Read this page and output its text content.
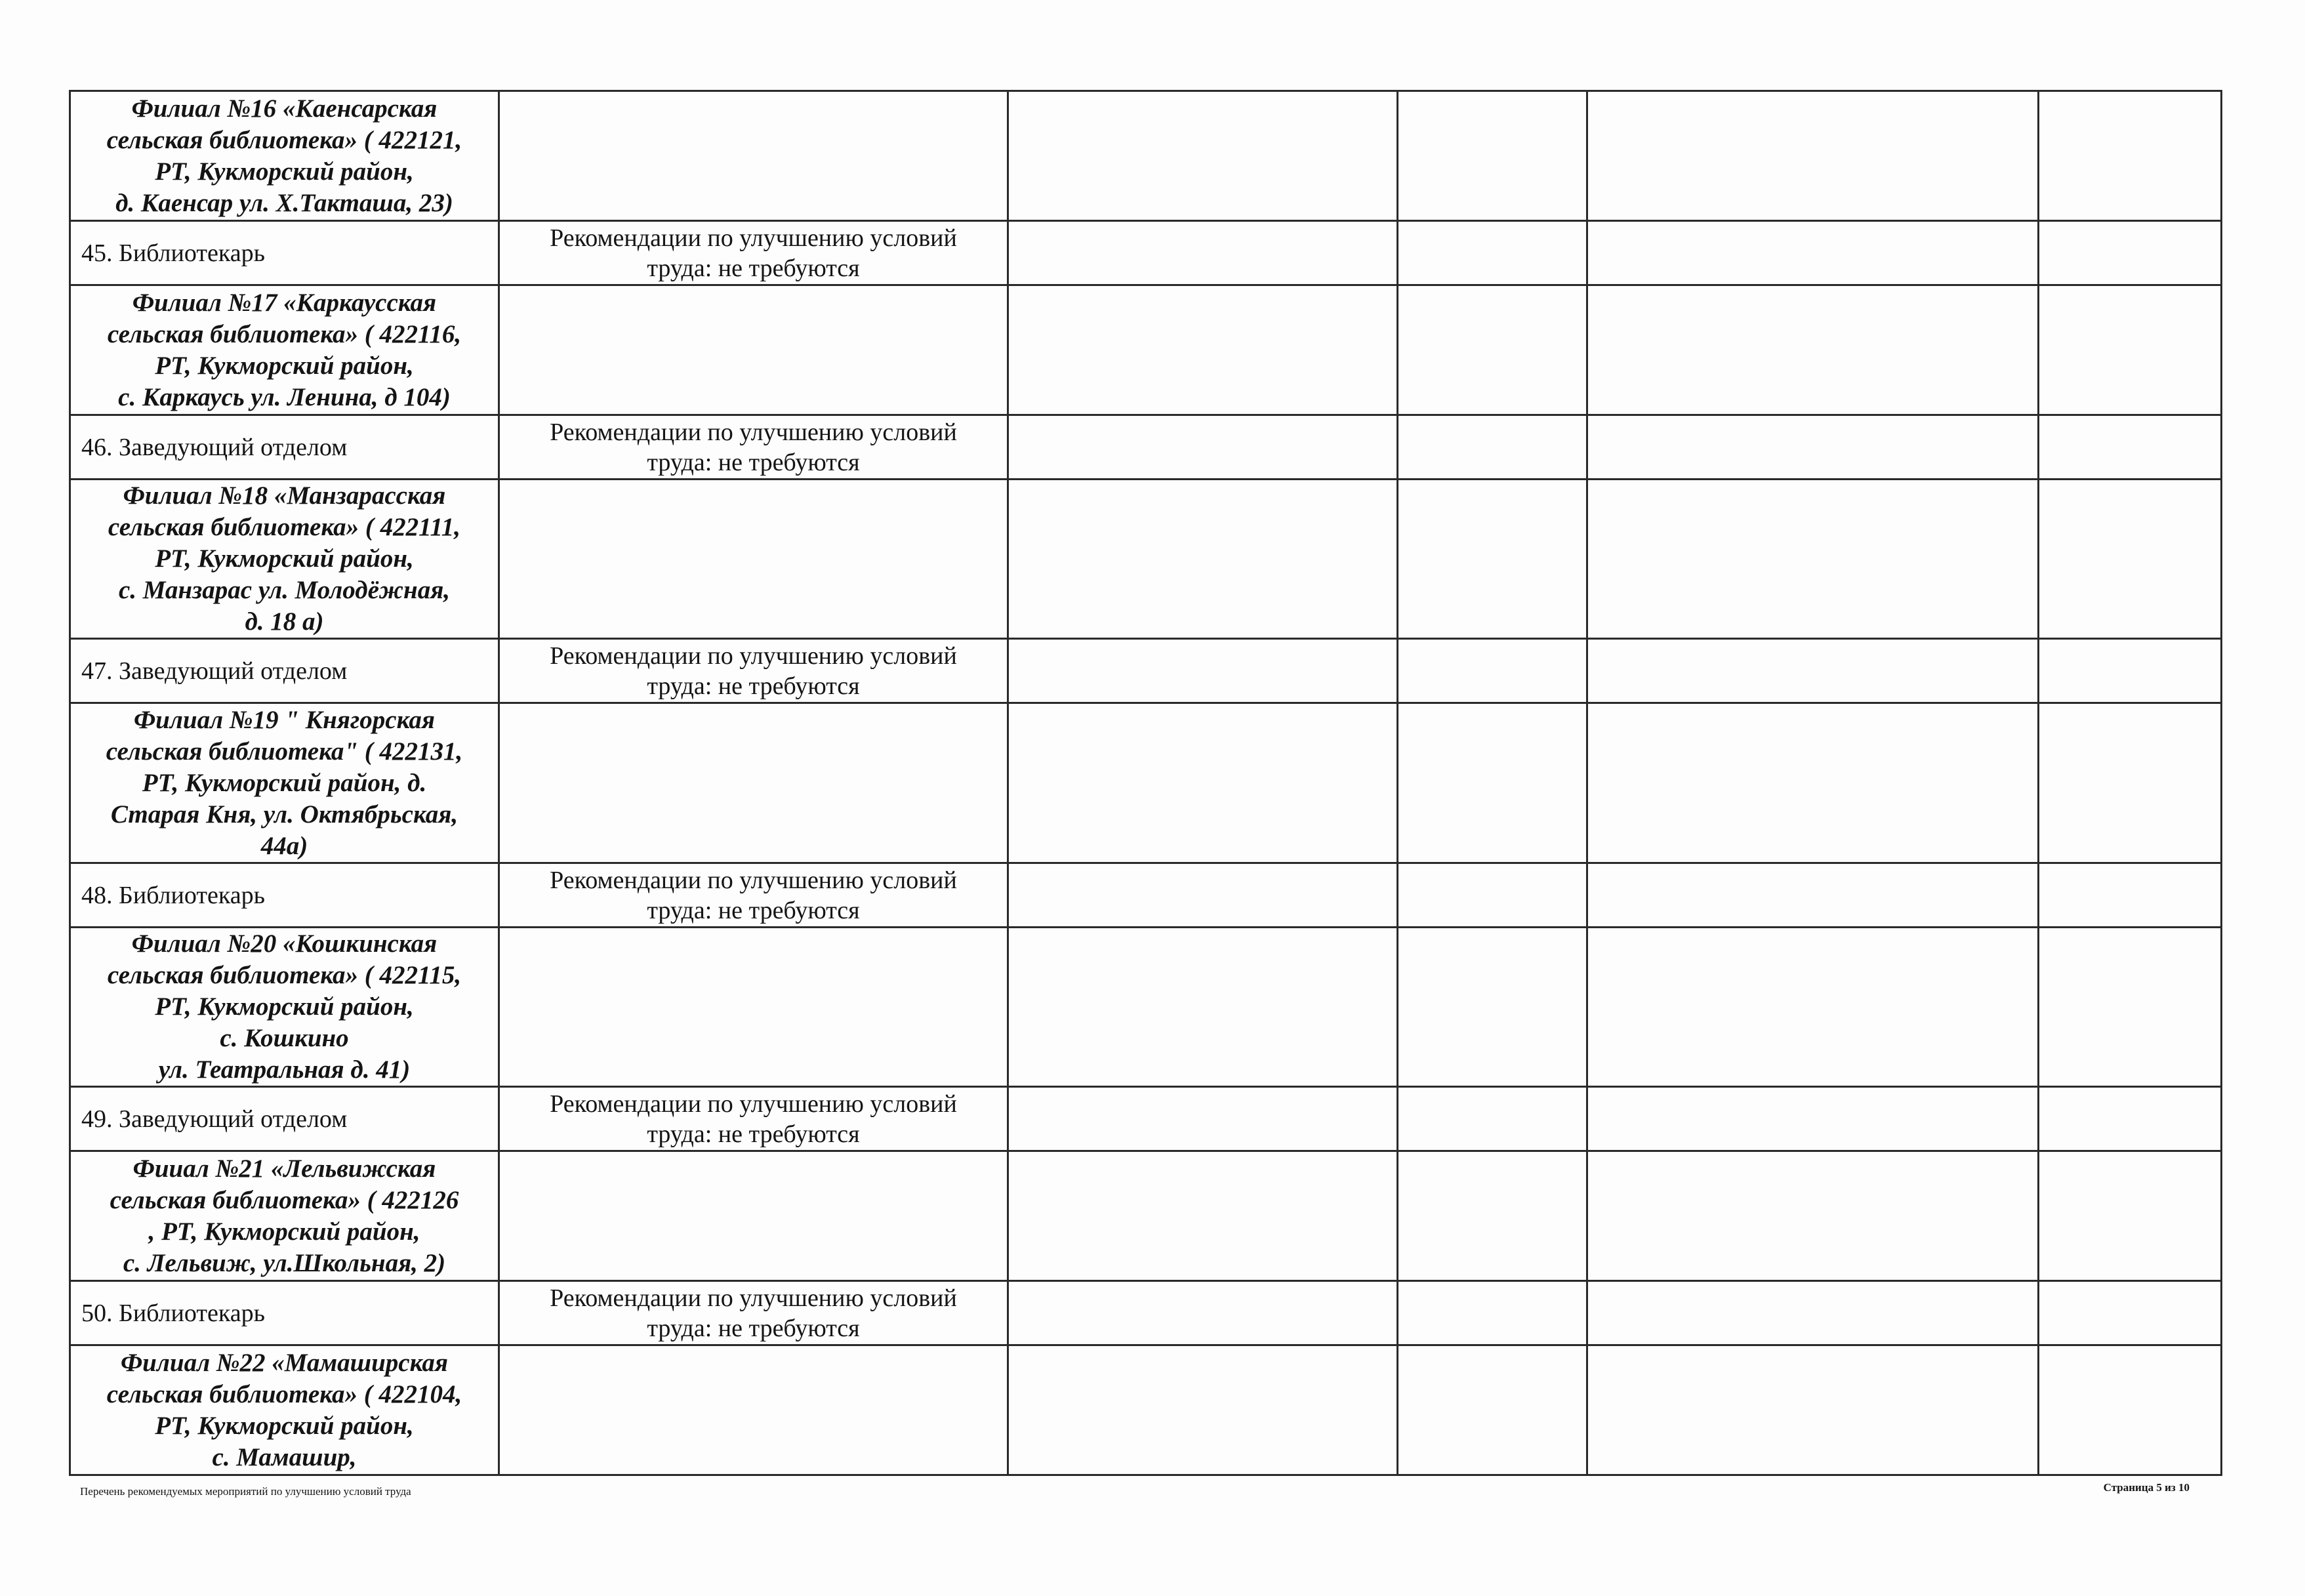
Филиал №16 «Каенсарская
сельская библиотека» ( 422121,
РТ, Кукморский район,
д. Каенсар ул. Х.Такташа, 23)					
45. Библиотекарь	Рекомендации по улучшению условий
труда: не требуются				
Филиал №17 «Каркаусская
сельская библиотека» ( 422116,
РТ, Кукморский район,
с. Каркаусь ул. Ленина, д 104)					
46. Заведующий отделом	Рекомендации по улучшению условий
труда: не требуются				
Филиал №18 «Манзарасская
сельская библиотека» ( 422111,
РТ, Кукморский район,
с. Манзарас ул. Молодёжная,
д. 18 а)					
47. Заведующий отделом	Рекомендации по улучшению условий
труда: не требуются				
Филиал №19 " Княгорская
сельская библиотека" ( 422131,
РТ, Кукморский район, д.
Старая Кня, ул. Октябрьская,
44а)					
48. Библиотекарь	Рекомендации по улучшению условий
труда: не требуются				
Филиал №20 «Кошкинская
сельская библиотека» ( 422115,
РТ, Кукморский район,
с. Кошкино
ул. Театральная д. 41)					
49. Заведующий отделом	Рекомендации по улучшению условий
труда: не требуются				
Фииал №21 «Лельвижская
сельская библиотека» ( 422126
, РТ, Кукморский район,
с. Лельвиж, ул.Школьная, 2)					
50. Библиотекарь	Рекомендации по улучшению условий
труда: не требуются				
Филиал №22 «Мамаширская
сельская библиотека» ( 422104,
РТ, Кукморский район,
с. Мамашир,					
Перечень рекомендуемых мероприятий по улучшению условий труда	Страница 5 из 10
